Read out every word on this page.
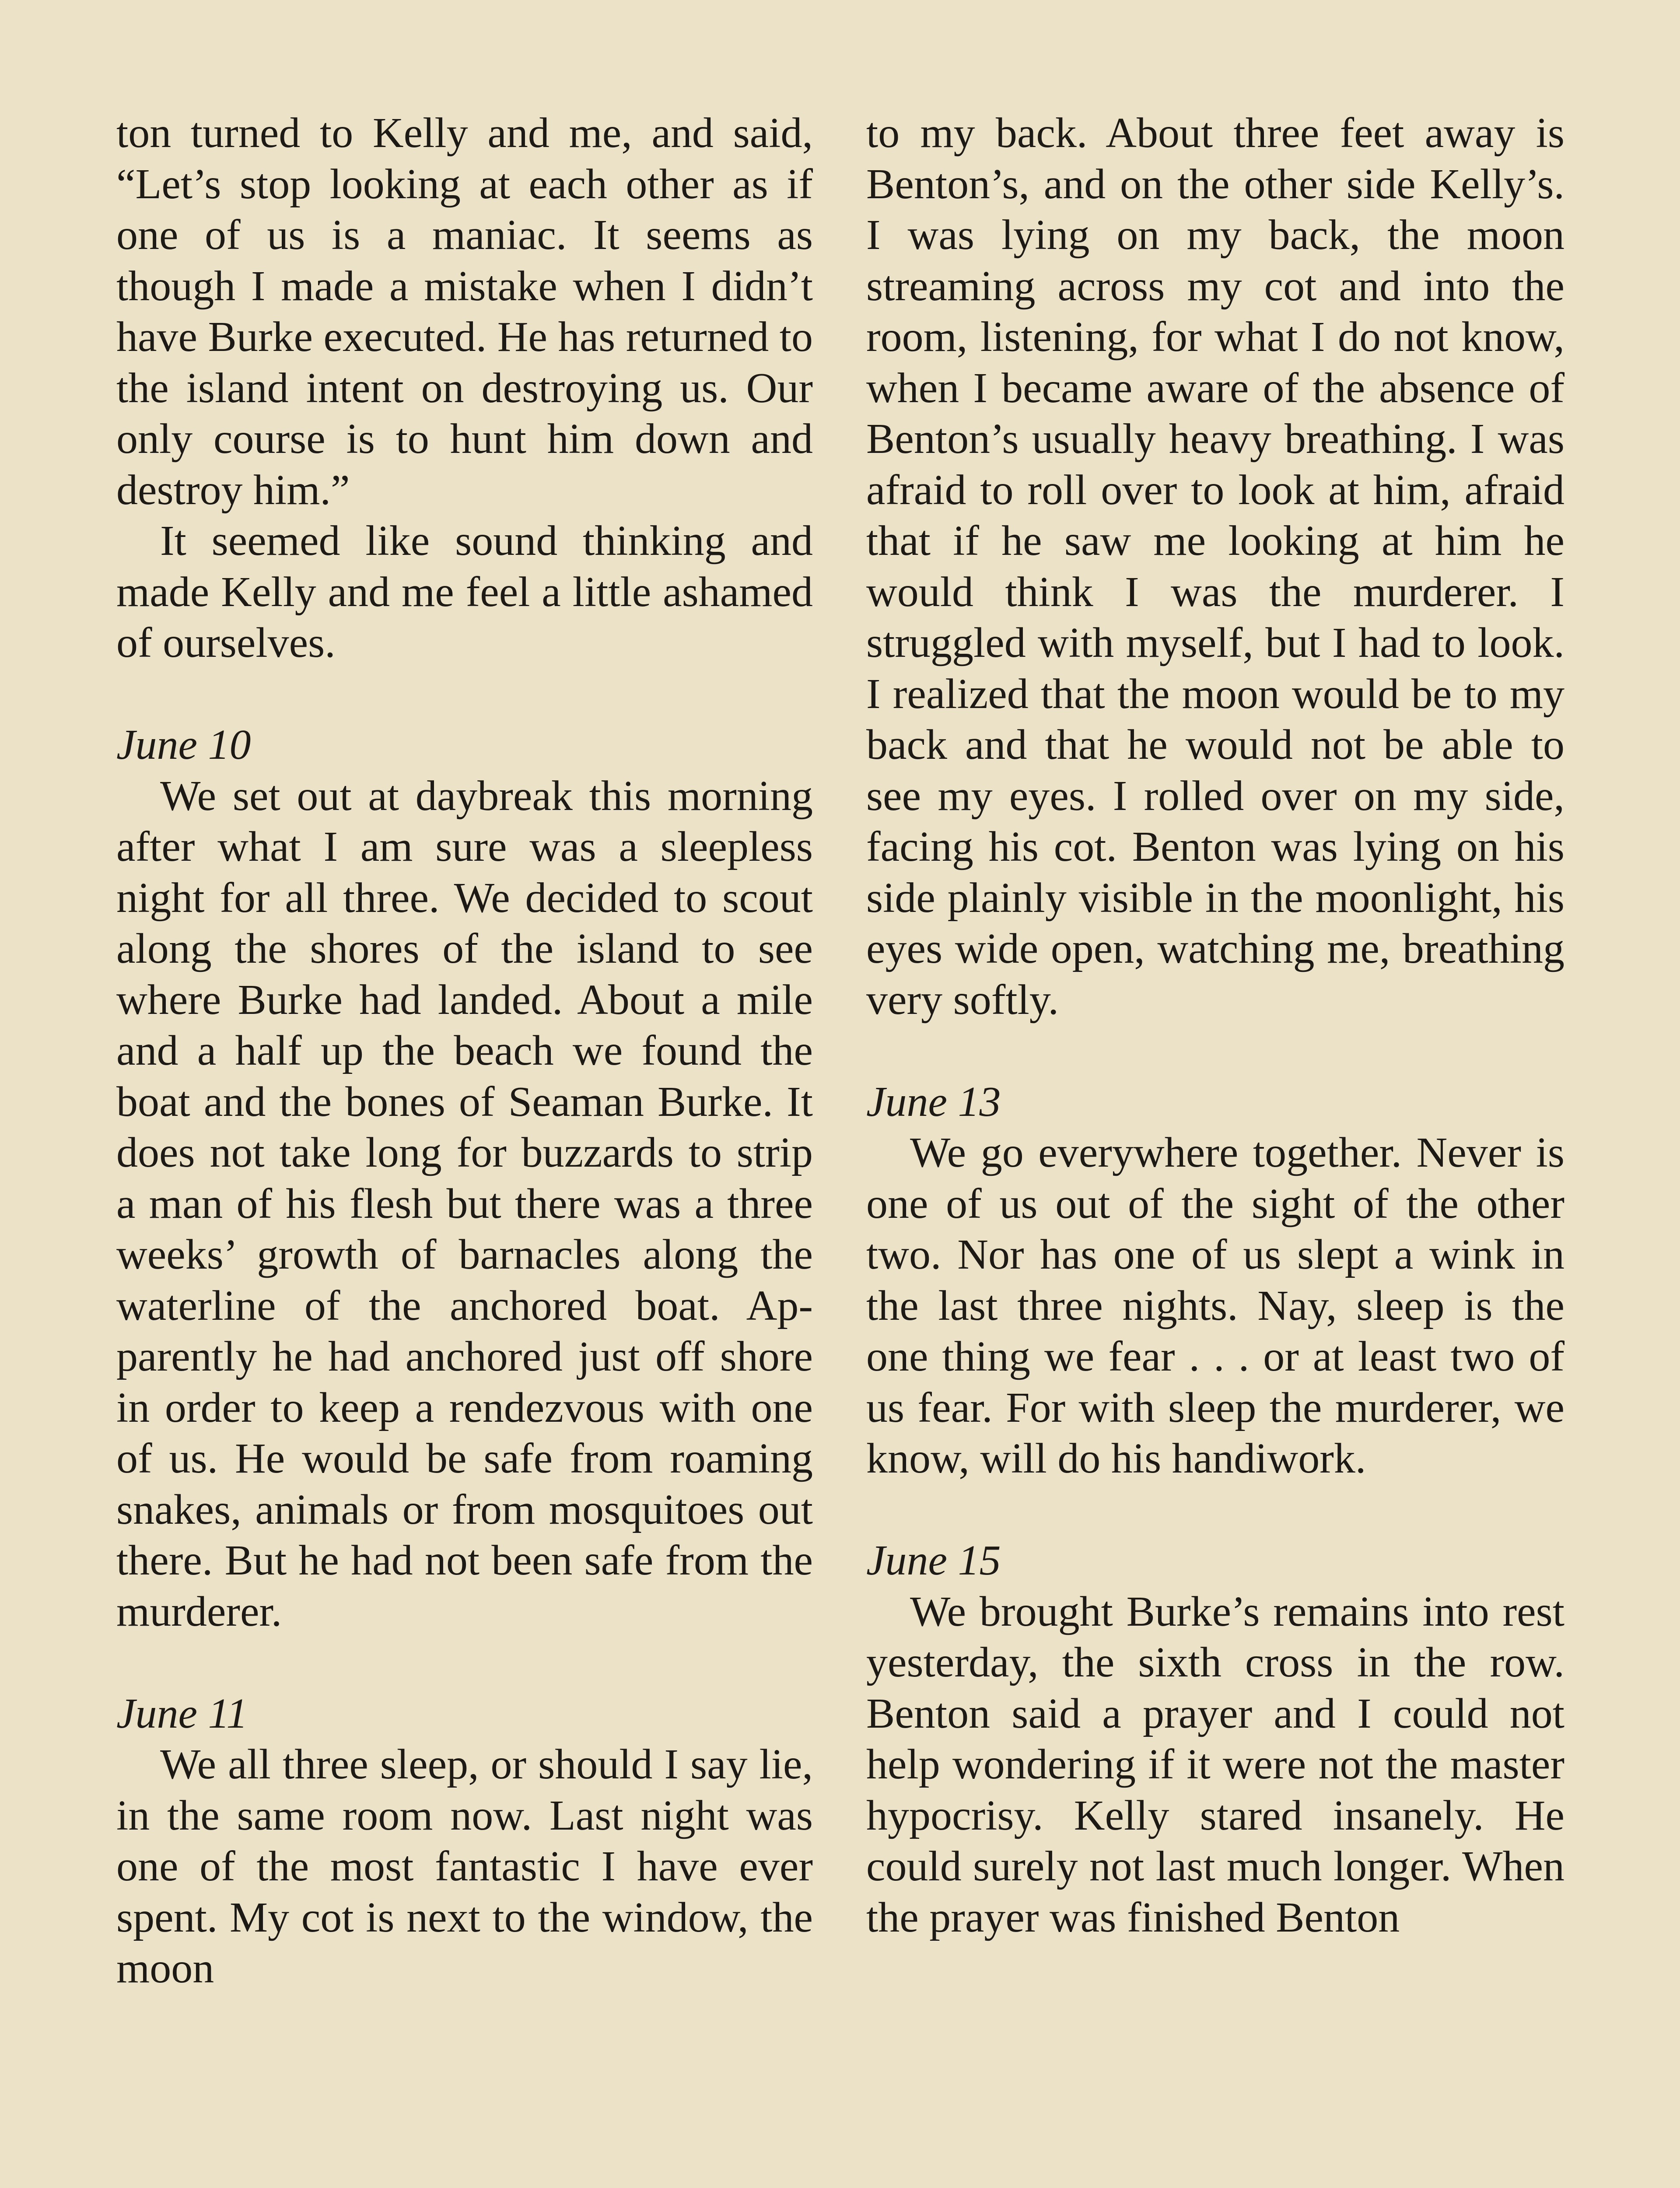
ton turned to Kelly and me, and said, “Let’s stop looking at each other as if one of us is a maniac. It seems as though I made a mistake when I didn’t have Burke executed. He has returned to the island intent on destroying us. Our only course is to hunt him down and destroy him.”

It seemed like sound thinking and made Kelly and me feel a little ashamed of ourselves.

June 10

We set out at daybreak this morning after what I am sure was a sleepless night for all three. We decided to scout along the shores of the island to see where Burke had landed. About a mile and a half up the beach we found the boat and the bones of Seaman Burke. It does not take long for buzzards to strip a man of his flesh but there was a three weeks’ growth of barnacles along the waterline of the anchored boat. Apparently he had anchored just off shore in order to keep a rendezvous with one of us. He would be safe from roaming snakes, animals or from mosquitoes out there. But he had not been safe from the murderer.

June 11

We all three sleep, or should I say lie, in the same room now. Last night was one of the most fantastic I have ever spent. My cot is next to the window, the moon

to my back. About three feet away is Benton’s, and on the other side Kelly’s. I was lying on my back, the moon streaming across my cot and into the room, listening, for what I do not know, when I became aware of the absence of Benton’s usually heavy breathing. I was afraid to roll over to look at him, afraid that if he saw me looking at him he would think I was the murderer. I struggled with myself, but I had to look. I realized that the moon would be to my back and that he would not be able to see my eyes. I rolled over on my side, facing his cot. Benton was lying on his side plainly visible in the moonlight, his eyes wide open, watching me, breathing very softly.

June 13

We go everywhere together. Never is one of us out of the sight of the other two. Nor has one of us slept a wink in the last three nights. Nay, sleep is the one thing we fear . . . or at least two of us fear. For with sleep the murderer, we know, will do his handiwork.

June 15

We brought Burke’s remains into rest yesterday, the sixth cross in the row. Benton said a prayer and I could not help wondering if it were not the master hypocrisy. Kelly stared insanely. He could surely not last much longer. When the prayer was finished Benton
